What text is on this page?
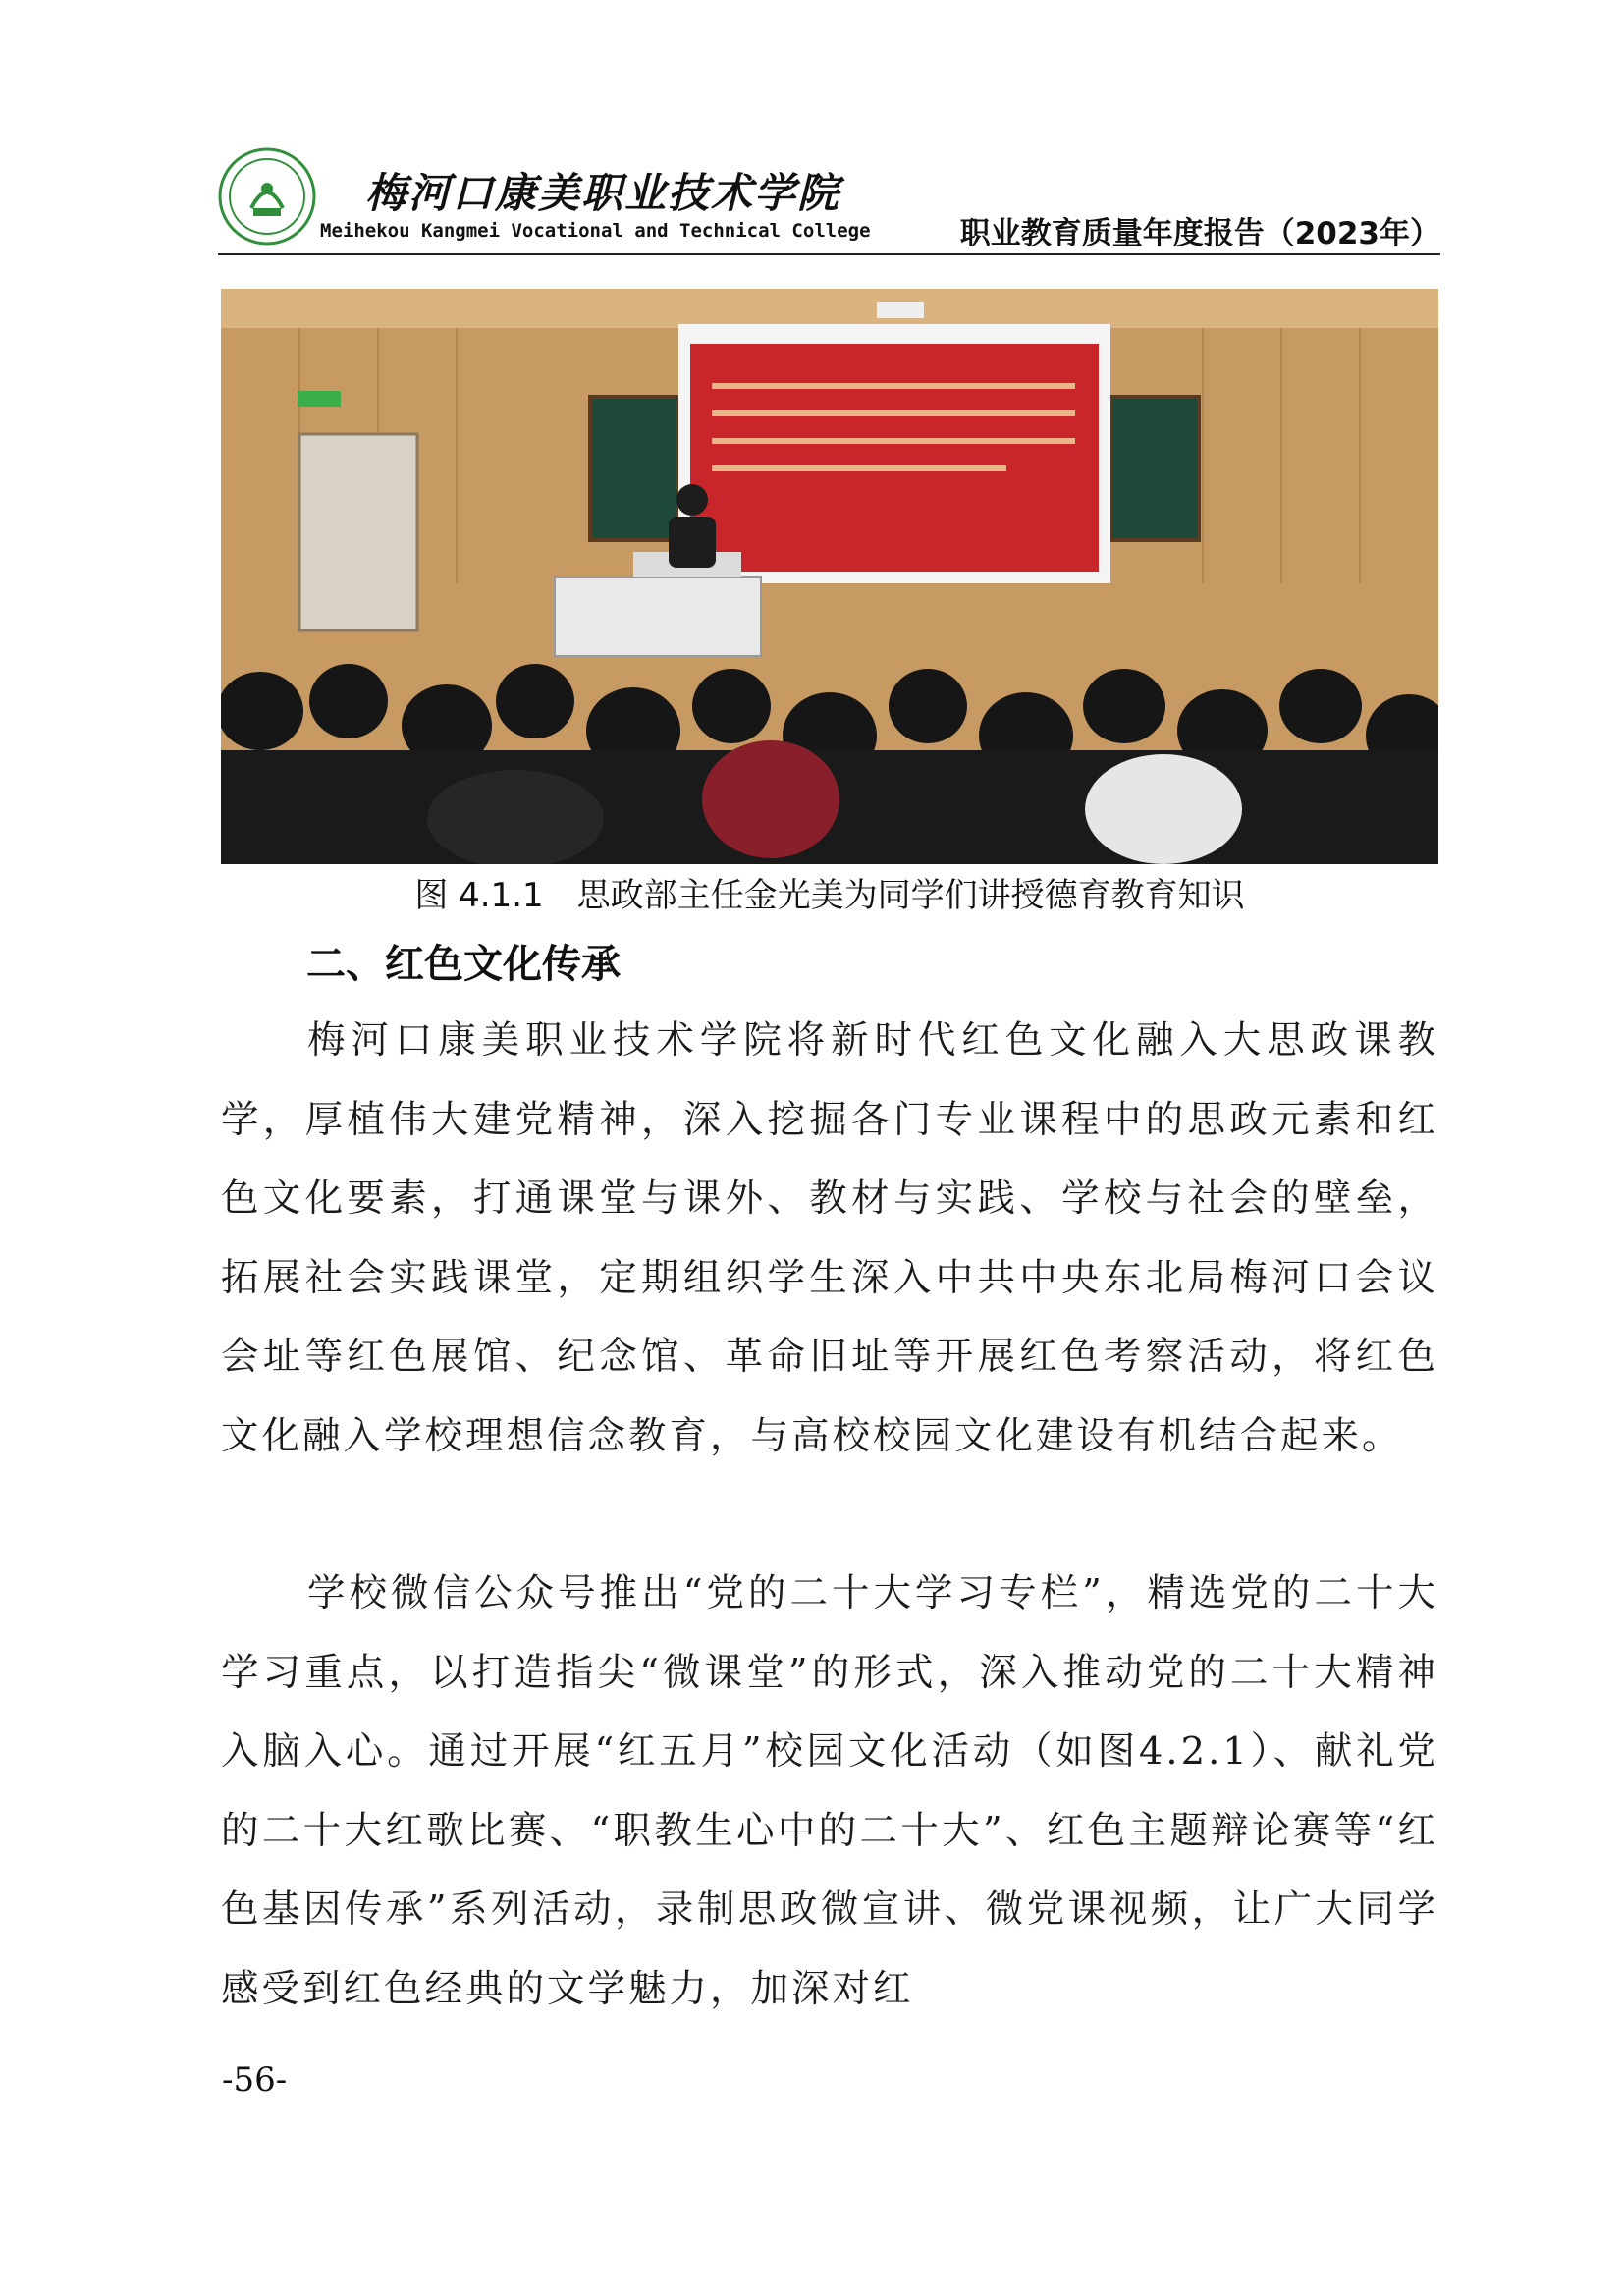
梅河口康美职业技术学院
Meihekou Kangmei Vocational and Technical College	职业教育质量年度报告（2023年）
图 4.1.1　思政部主任金光美为同学们讲授德育教育知识
二、红色文化传承

梅河口康美职业技术学院将新时代红色文化融入大思政课教学，厚植伟大建党精神，深入挖掘各门专业课程中的思政元素和红色文化要素，打通课堂与课外、教材与实践、学校与社会的壁垒，拓展社会实践课堂，定期组织学生深入中共中央东北局梅河口会议会址等红色展馆、纪念馆、革命旧址等开展红色考察活动，将红色文化融入学校理想信念教育，与高校校园文化建设有机结合起来。

学校微信公众号推出“党的二十大学习专栏”，精选党的二十大学习重点，以打造指尖“微课堂”的形式，深入推动党的二十大精神入脑入心。通过开展“红五月”校园文化活动（如图4.2.1）、献礼党的二十大红歌比赛、“职教生心中的二十大”、红色主题辩论赛等“红色基因传承”系列活动，录制思政微宣讲、微党课视频，让广大同学感受到红色经典的文学魅力，加深对红

-56-
